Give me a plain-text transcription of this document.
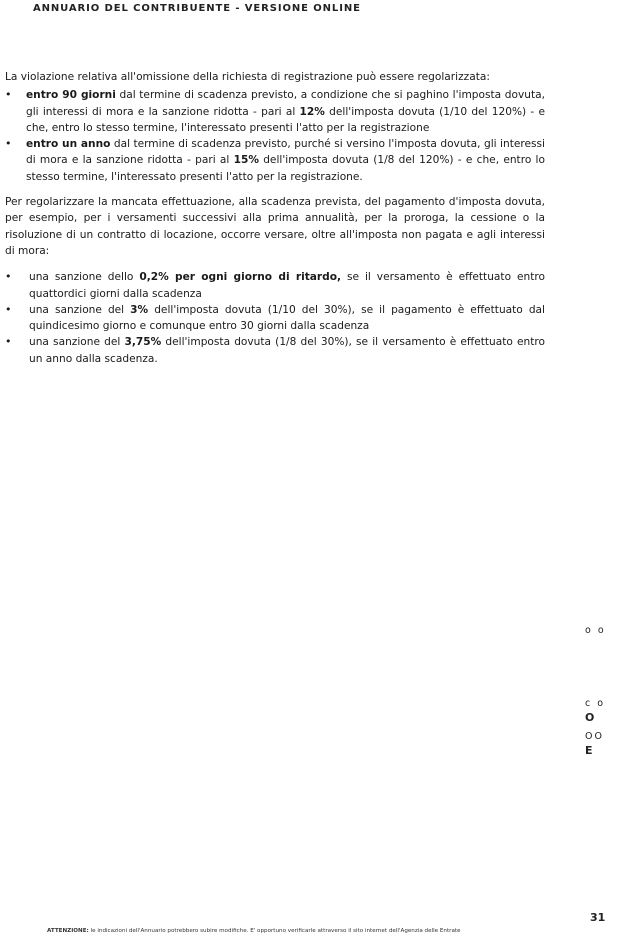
ANNUARIO DEL CONTRIBUENTE - VERSIONE ONLINE

La violazione relativa all'omissione della richiesta di registrazione può essere regolarizzata:

• entro 90 giorni dal termine di scadenza previsto, a condizione che si paghino l'imposta dovuta, gli interessi di mora e la sanzione ridotta - pari al 12% dell'imposta dovuta (1/10 del 120%) - e che, entro lo stesso termine, l'interessato presenti l'atto per la registrazione
• entro un anno dal termine di scadenza previsto, purché si versino l'imposta dovuta, gli interessi di mora e la sanzione ridotta - pari al 15% dell'imposta dovuta (1/8 del 120%) - e che, entro lo stesso termine, l'interessato presenti l'atto per la registrazione.

Per regolarizzare la mancata effettuazione, alla scadenza prevista, del pagamento d'imposta dovuta, per esempio, per i versamenti successivi alla prima annualità, per la proroga, la cessione o la risoluzione di un contratto di locazione, occorre versare, oltre all'imposta non pagata e agli interessi di mora:

• una sanzione dello 0,2% per ogni giorno di ritardo, se il versamento è effettuato entro quattordici giorni dalla scadenza
• una sanzione del 3% dell'imposta dovuta (1/10 del 30%), se il pagamento è effettuato dal quindicesimo giorno e comunque entro 30 giorni dalla scadenza
• una sanzione del 3,75% dell'imposta dovuta (1/8 del 30%), se il versamento è effettuato entro un anno dalla scadenza.
o o
c o
O
OO
E
31
ATTENZIONE: le indicazioni dell'Annuario potrebbero subire modifiche. E' opportuno verificarle attraverso il sito internet dell'Agenzia delle Entrate
